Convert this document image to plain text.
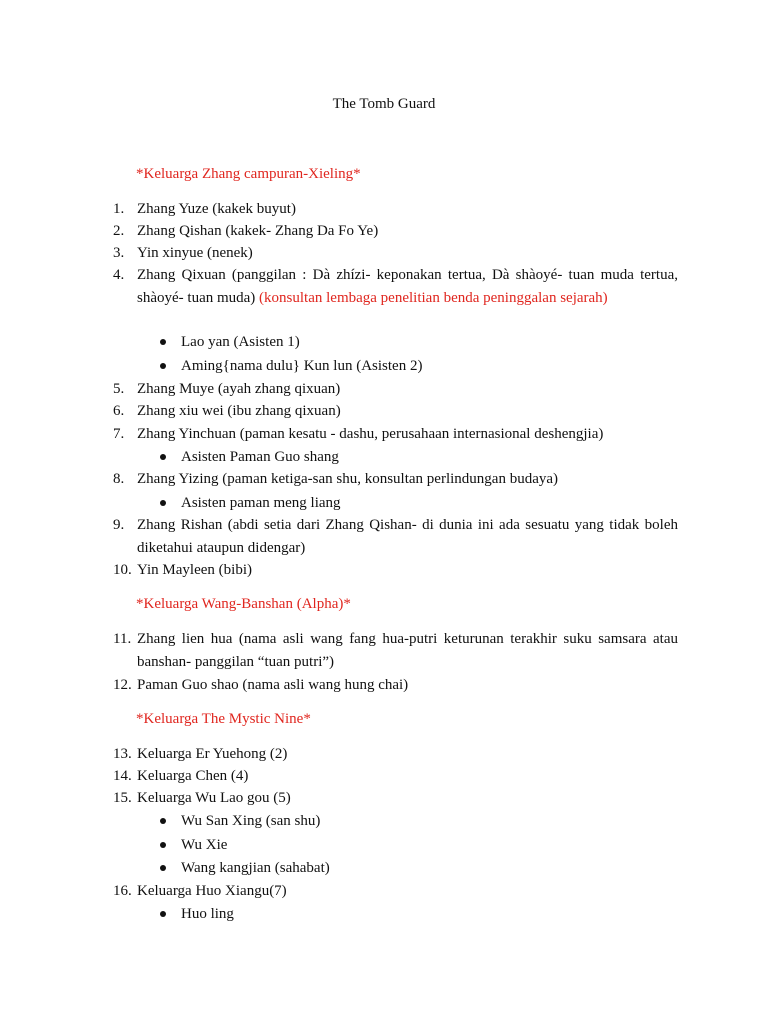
The Tomb Guard
*Keluarga Zhang campuran-Xieling*
1. Zhang Yuze (kakek buyut)
2. Zhang Qishan (kakek- Zhang Da Fo Ye)
3. Yin xinyue (nenek)
4. Zhang Qixuan (panggilan : Dà zhízi- keponakan tertua, Dà shàoyé- tuan muda tertua, shàoyé- tuan muda) (konsultan lembaga penelitian benda peninggalan sejarah)
Lao yan (Asisten 1)
Aming{nama dulu} Kun lun (Asisten 2)
5. Zhang Muye (ayah zhang qixuan)
6. Zhang xiu wei (ibu zhang qixuan)
7. Zhang Yinchuan (paman kesatu - dashu, perusahaan internasional deshengjia)
Asisten Paman Guo shang
8. Zhang Yizing (paman ketiga-san shu, konsultan perlindungan budaya)
Asisten paman meng liang
9. Zhang Rishan (abdi setia dari Zhang Qishan- di dunia ini ada sesuatu yang tidak boleh diketahui ataupun didengar)
10. Yin Mayleen (bibi)
*Keluarga Wang-Banshan (Alpha)*
11. Zhang lien hua (nama asli wang fang hua-putri keturunan terakhir suku samsara atau banshan- panggilan “tuan putri”)
12. Paman Guo shao (nama asli wang hung chai)
*Keluarga The Mystic Nine*
13. Keluarga Er Yuehong (2)
14. Keluarga Chen (4)
15. Keluarga Wu Lao gou (5)
Wu San Xing (san shu)
Wu Xie
Wang kangjian (sahabat)
16. Keluarga Huo Xiangu(7)
Huo ling
